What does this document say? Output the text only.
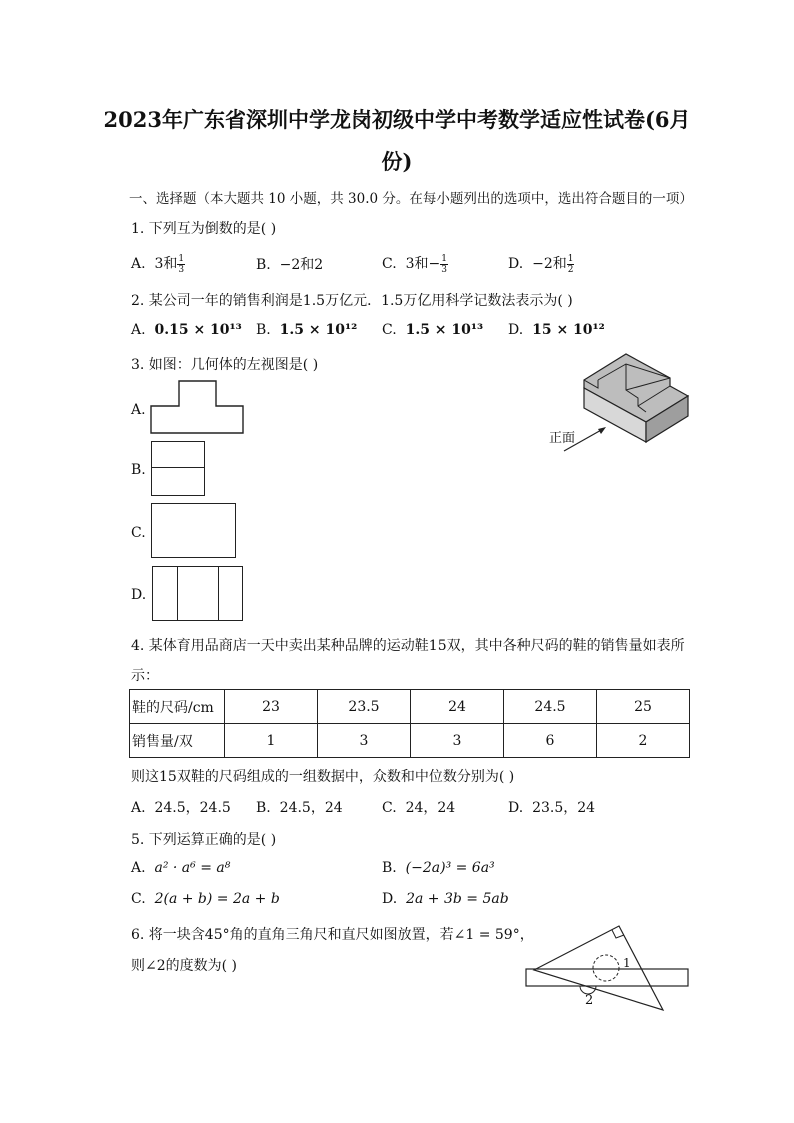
2023年广东省深圳中学龙岗初级中学中考数学适应性试卷(6月
份)
一、选择题（本大题共 10 小题，共 30.0 分。在每小题列出的选项中，选出符合题目的一项）
1. 下列互为倒数的是( )
A. 3和 $\frac{1}{3}$	B. −2和2	C. 3和− $\frac{1}{3}$	D. −2和 $\frac{1}{2}$
2. 某公司一年的销售利润是1.5万亿元．1.5万亿用科学记数法表示为( )
A. 0.15 × 10¹³ B. 1.5 × 10¹² C. 1.5 × 10¹³ D. 15 × 10¹²
3. 如图：几何体的左视图是( )
正面
A.
B.
C.
D.
4. 某体育用品商店一天中卖出某种品牌的运动鞋15双，其中各种尺码的鞋的销售量如表所
示：
鞋的尺码/cm	23	23.5	24	24.5	25
销售量/双	1	3	3	6	2
则这15双鞋的尺码组成的一组数据中，众数和中位数分别为( )
A. 24.5，24.5 B. 24.5，24	C. 24，24	D. 23.5，24
5. 下列运算正确的是( )
A. a² · a⁶ = a⁸	B. (−2a)³ = 6a³
C. 2(a + b) = 2a + b	D. 2a + 3b = 5ab
6. 将一块含45°角的直角三角尺和直尺如图放置，若∠1 = 59°，
则∠2的度数为( )	1
2
